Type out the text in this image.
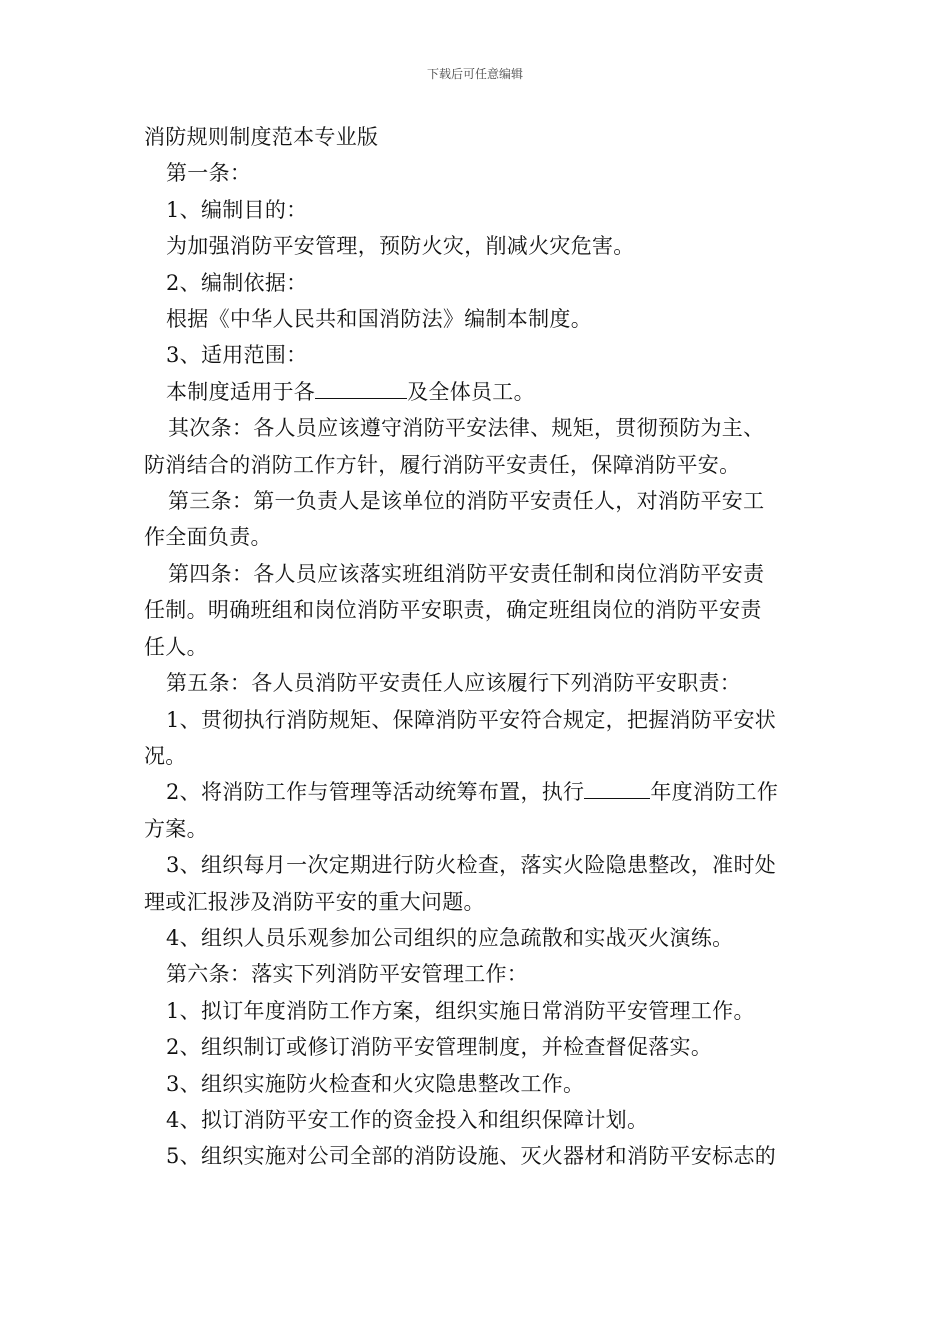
下载后可任意编辑
消防规则制度范本专业版
第一条：
1、编制目的：
为加强消防平安管理，预防火灾，削减火灾危害。
2、编制依据：
根据《中华人民共和国消防法》编制本制度。
3、适用范围：
本制度适用于各	及全体员工。
其次条：各人员应该遵守消防平安法律、规矩，贯彻预防为主、
防消结合的消防工作方针，履行消防平安责任，保障消防平安。
第三条：第一负责人是该单位的消防平安责任人，对消防平安工
作全面负责。
第四条：各人员应该落实班组消防平安责任制和岗位消防平安责
任制。明确班组和岗位消防平安职责，确定班组岗位的消防平安责
任人。
第五条：各人员消防平安责任人应该履行下列消防平安职责：
1、贯彻执行消防规矩、保障消防平安符合规定，把握消防平安状
况。
2、将消防工作与管理等活动统筹布置，执行	年度消防工作
方案。
3、组织每月一次定期进行防火检查，落实火险隐患整改，准时处
理或汇报涉及消防平安的重大问题。
4、组织人员乐观参加公司组织的应急疏散和实战灭火演练。
第六条：落实下列消防平安管理工作：
1、拟订年度消防工作方案，组织实施日常消防平安管理工作。
2、组织制订或修订消防平安管理制度，并检查督促落实。
3、组织实施防火检查和火灾隐患整改工作。
4、拟订消防平安工作的资金投入和组织保障计划。
5、组织实施对公司全部的消防设施、灭火器材和消防平安标志的
